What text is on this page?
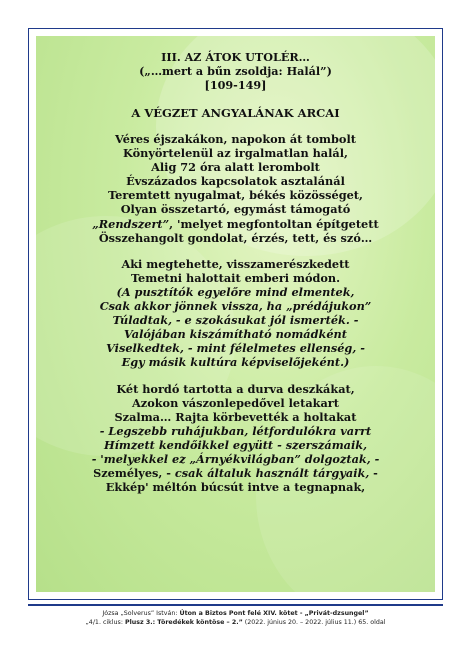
III. AZ ÁTOK UTOLÉR…
(„…mert a bűn zsoldja: Halál”)
[109-149]
A VÉGZET ANGYALÁNAK ARCAI
Véres éjszakákon, napokon át tombolt
Könyörtelenül az irgalmatlan halál,
Alig 72 óra alatt lerombolt
Évszázados kapcsolatok asztalánál
Teremtett nyugalmat, békés közösséget,
Olyan összetartó, egymást támogató
„Rendszert”, 'melyet megfontoltan építgetett
Összehangolt gondolat, érzés, tett, és szó…
Aki megtehette, visszamerészkedett
Temetni halottait emberi módon.
(A pusztítók egyelőre mind elmentek,
Csak akkor jönnek vissza, ha „prédájukon”
Túladtak, - e szokásukat jól ismerték. -
Valójában kiszámítható nomádként
Viselkedtek, - mint félelmetes ellenség, -
Egy másik kultúra képviselőjeként.)
Két hordó tartotta a durva deszkákat,
Azokon vászonlepedővel letakart
Szalma… Rajta körbevették a holtakat
- Legszebb ruhájukban, létfordulókra varrt
Hímzett kendőikkel együtt - szerszámaik,
- 'melyekkel ez „Árnyékvilágban” dolgoztak, -
Személyes, - csak általuk használt tárgyaik, -
Ekkép' méltón búcsút intve a tegnapnak,
Józsa „Solverus” István: Úton a Biztos Pont felé XIV. kötet - „Privát-dzsungel”
„4/1. ciklus: Plusz 3.: Töredékek köntöse – 2.” (2022. június 20. – 2022. július 11.) 65. oldal
